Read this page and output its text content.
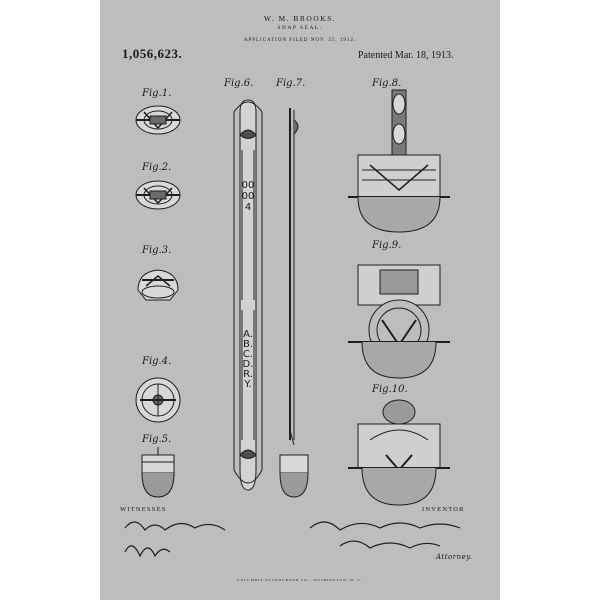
W. M. BROOKS.
SNAP SEAL.
APPLICATION FILED NOV. 25, 1912.
1,056,623.	Patented Mar. 18, 1913.
Fig.1.
Fig.2.
Fig.3.
Fig.4.
Fig.5.
Fig.6. Fig.7.	Fig.8.
Fig.9.
Fig.10.
00004
A.B.C.D.R.Y.
WITNESSES	INVENTOR
Attorney.
COLUMBIA PLANOGRAPH CO., WASHINGTON, D. C.
